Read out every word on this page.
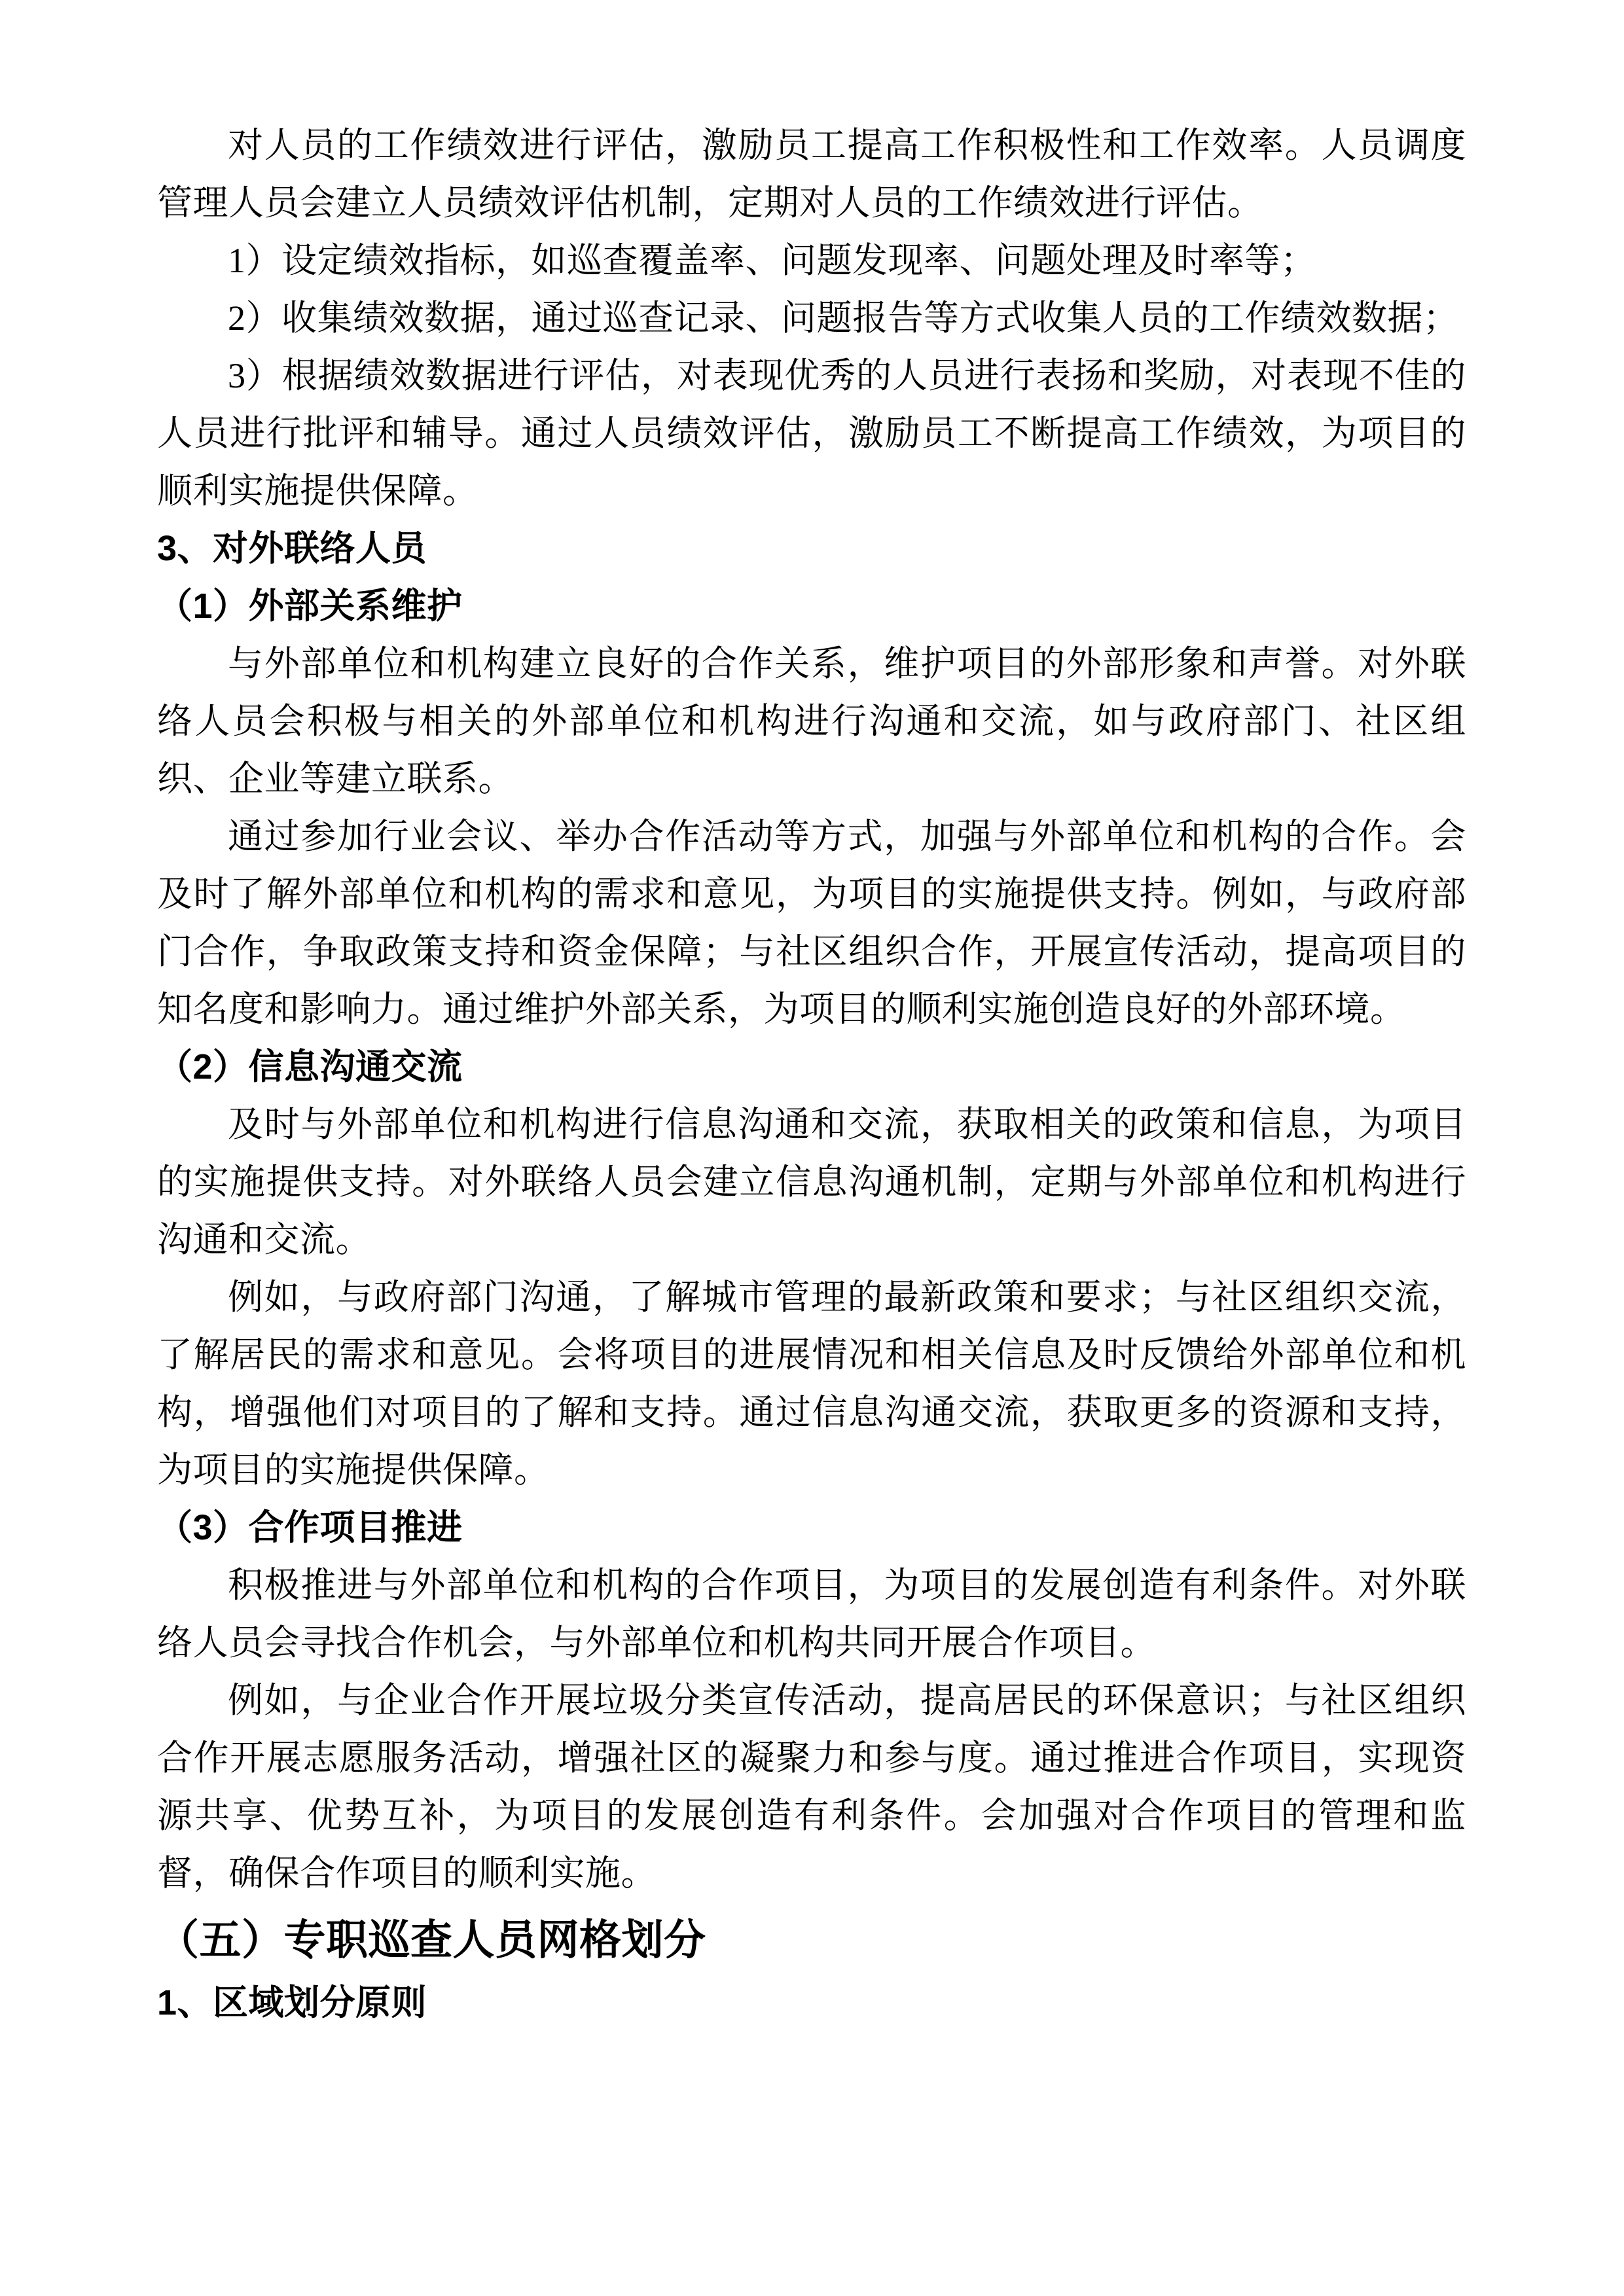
对人员的工作绩效进行评估，激励员工提高工作积极性和工作效率。人员调度管理人员会建立人员绩效评估机制，定期对人员的工作绩效进行评估。

1）设定绩效指标，如巡查覆盖率、问题发现率、问题处理及时率等；

2）收集绩效数据，通过巡查记录、问题报告等方式收集人员的工作绩效数据；

3）根据绩效数据进行评估，对表现优秀的人员进行表扬和奖励，对表现不佳的人员进行批评和辅导。通过人员绩效评估，激励员工不断提高工作绩效，为项目的顺利实施提供保障。

3、对外联络人员
（1）外部关系维护

与外部单位和机构建立良好的合作关系，维护项目的外部形象和声誉。对外联络人员会积极与相关的外部单位和机构进行沟通和交流，如与政府部门、社区组织、企业等建立联系。

通过参加行业会议、举办合作活动等方式，加强与外部单位和机构的合作。会及时了解外部单位和机构的需求和意见，为项目的实施提供支持。例如，与政府部门合作，争取政策支持和资金保障；与社区组织合作，开展宣传活动，提高项目的知名度和影响力。通过维护外部关系，为项目的顺利实施创造良好的外部环境。

（2）信息沟通交流

及时与外部单位和机构进行信息沟通和交流，获取相关的政策和信息，为项目的实施提供支持。对外联络人员会建立信息沟通机制，定期与外部单位和机构进行沟通和交流。

例如，与政府部门沟通，了解城市管理的最新政策和要求；与社区组织交流，了解居民的需求和意见。会将项目的进展情况和相关信息及时反馈给外部单位和机构，增强他们对项目的了解和支持。通过信息沟通交流，获取更多的资源和支持，为项目的实施提供保障。

（3）合作项目推进

积极推进与外部单位和机构的合作项目，为项目的发展创造有利条件。对外联络人员会寻找合作机会，与外部单位和机构共同开展合作项目。

例如，与企业合作开展垃圾分类宣传活动，提高居民的环保意识；与社区组织合作开展志愿服务活动，增强社区的凝聚力和参与度。通过推进合作项目，实现资源共享、优势互补，为项目的发展创造有利条件。会加强对合作项目的管理和监督，确保合作项目的顺利实施。

（五）专职巡查人员网格划分
1、区域划分原则
